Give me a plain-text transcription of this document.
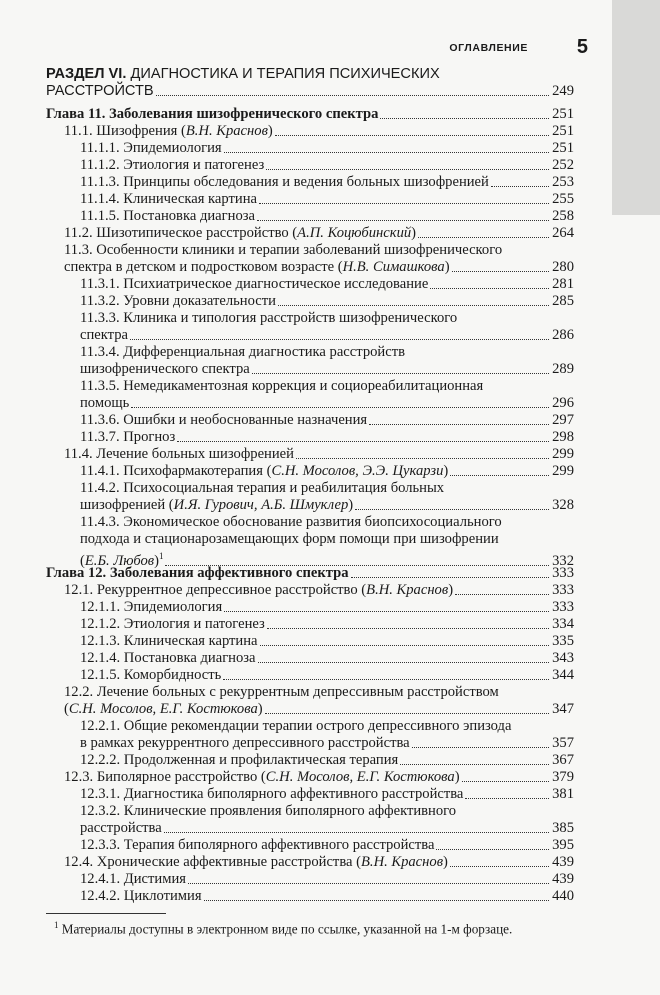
ОГЛАВЛЕНИЕ 5
РАЗДЕЛ VI. ДИАГНОСТИКА И ТЕРАПИЯ ПСИХИЧЕСКИХ
РАССТРОЙСТВ	249
Глава 11. Заболевания шизофренического спектра	251
11.1. Шизофрения (В.Н. Краснов)	251
11.1.1. Эпидемиология	251
11.1.2. Этиология и патогенез	252
11.1.3. Принципы обследования и ведения больных шизофренией	253
11.1.4. Клиническая картина	255
11.1.5. Постановка диагноза	258
11.2. Шизотипическое расстройство (А.П. Коцюбинский)	264
11.3. Особенности клиники и терапии заболеваний шизофренического
спектра в детском и подростковом возрасте (Н.В. Симашкова)	280
11.3.1. Психиатрическое диагностическое исследование	281
11.3.2. Уровни доказательности	285
11.3.3. Клиника и типология расстройств шизофренического
спектра	286
11.3.4. Дифференциальная диагностика расстройств
шизофренического спектра	289
11.3.5. Немедикаментозная коррекция и социореабилитационная
помощь	296
11.3.6. Ошибки и необоснованные назначения	297
11.3.7. Прогноз	298
11.4. Лечение больных шизофренией	299
11.4.1. Психофармакотерапия (С.Н. Мосолов, Э.Э. Цукарзи)	299
11.4.2. Психосоциальная терапия и реабилитация больных
шизофренией (И.Я. Гурович, А.Б. Шмуклер)	328
11.4.3. Экономическое обоснование развития биопсихосоциального
подхода и стационарозамещающих форм помощи при шизофрении
(Е.Б. Любов)$^1$	332
Глава 12. Заболевания аффективного спектра	333
12.1. Рекуррентное депрессивное расстройство (В.Н. Краснов)	333
12.1.1. Эпидемиология	333
12.1.2. Этиология и патогенез	334
12.1.3. Клиническая картина	335
12.1.4. Постановка диагноза	343
12.1.5. Коморбидность	344
12.2. Лечение больных с рекуррентным депрессивным расстройством
(С.Н. Мосолов, Е.Г. Костюкова)	347
12.2.1. Общие рекомендации терапии острого депрессивного эпизода
в рамках рекуррентного депрессивного расстройства	357
12.2.2. Продолженная и профилактическая терапия	367
12.3. Биполярное расстройство (С.Н. Мосолов, Е.Г. Костюкова)	379
12.3.1. Диагностика биполярного аффективного расстройства	381
12.3.2. Клинические проявления биполярного аффективного
расстройства	385
12.3.3. Терапия биполярного аффективного расстройства	395
12.4. Хронические аффективные расстройства (В.Н. Краснов)	439
12.4.1. Дистимия	439
12.4.2. Циклотимия	440
$^1$ Материалы доступны в электронном виде по ссылке, указанной на 1-м форзаце.
